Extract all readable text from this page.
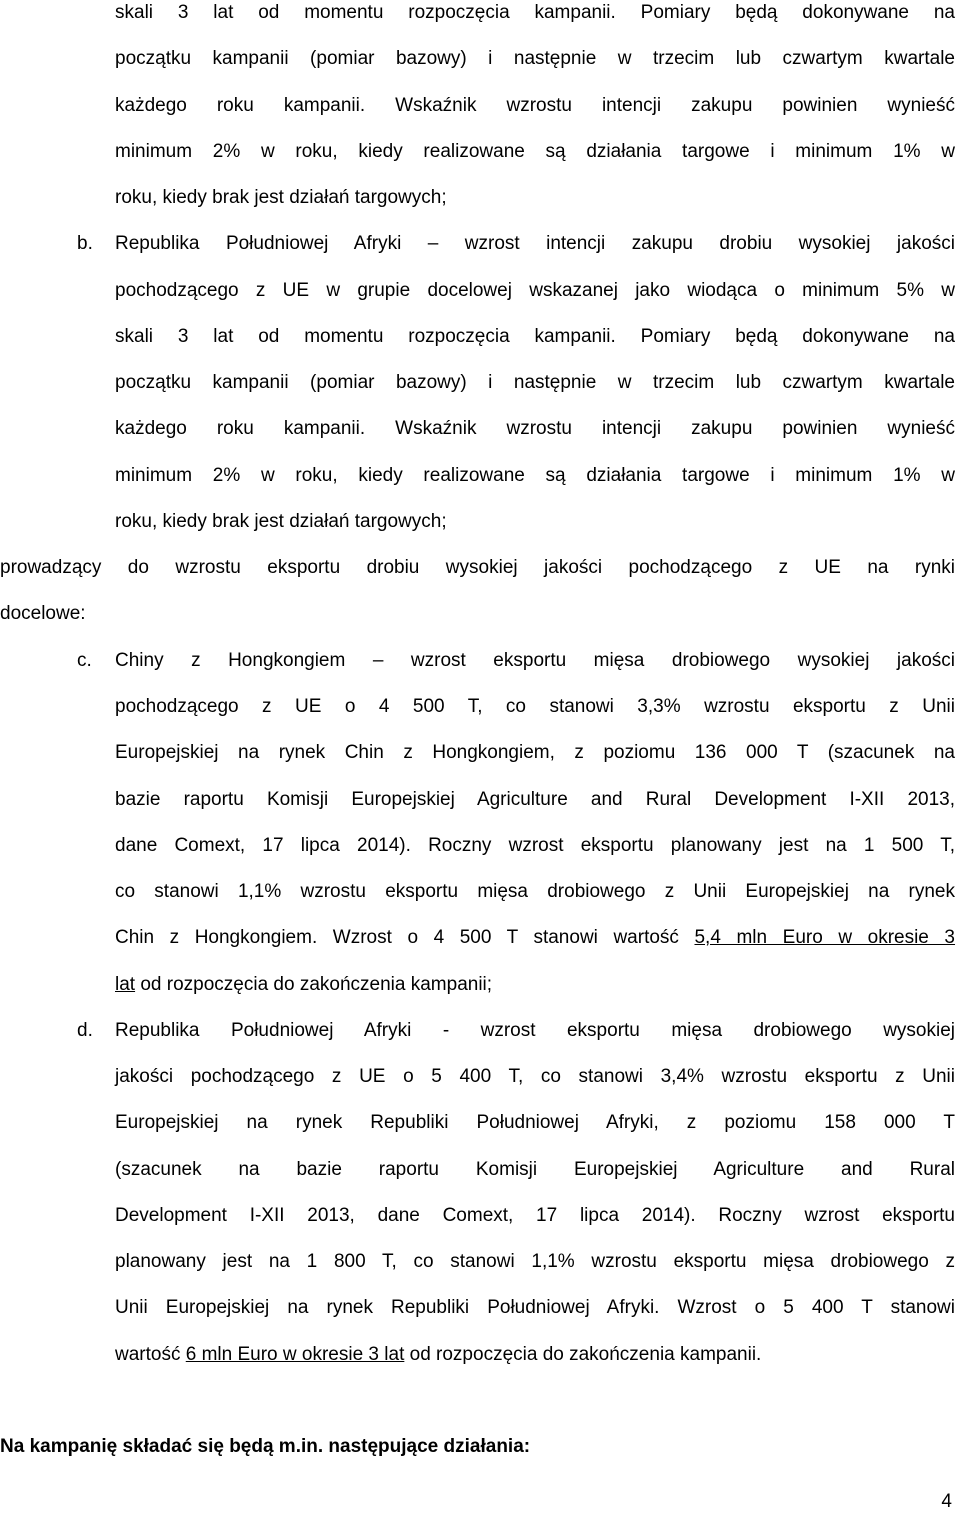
skali 3 lat od momentu rozpoczęcia kampanii. Pomiary będą dokonywane na
początku kampanii (pomiar bazowy) i następnie w trzecim lub czwartym kwartale
każdego roku kampanii. Wskaźnik wzrostu intencji zakupu powinien wynieść
minimum 2% w roku, kiedy realizowane są działania targowe i minimum 1% w
roku, kiedy brak jest działań targowych;
b. Republika Południowej Afryki – wzrost intencji zakupu drobiu wysokiej jakości
pochodzącego z UE w grupie docelowej wskazanej jako wiodąca o minimum 5% w
skali 3 lat od momentu rozpoczęcia kampanii. Pomiary będą dokonywane na
początku kampanii (pomiar bazowy) i następnie w trzecim lub czwartym kwartale
każdego roku kampanii. Wskaźnik wzrostu intencji zakupu powinien wynieść
minimum 2% w roku, kiedy realizowane są działania targowe i minimum 1% w
roku, kiedy brak jest działań targowych;
prowadzący do wzrostu eksportu drobiu wysokiej jakości pochodzącego z UE na rynki
docelowe:
c. Chiny z Hongkongiem – wzrost eksportu mięsa drobiowego wysokiej jakości
pochodzącego z UE o 4 500 T, co stanowi 3,3% wzrostu eksportu z Unii
Europejskiej na rynek Chin z Hongkongiem, z poziomu 136 000 T (szacunek na
bazie raportu Komisji Europejskiej Agriculture and Rural Development I-XII 2013,
dane Comext, 17 lipca 2014). Roczny wzrost eksportu planowany jest na 1 500 T,
co stanowi 1,1% wzrostu eksportu mięsa drobiowego z Unii Europejskiej na rynek
Chin z Hongkongiem. Wzrost o 4 500 T stanowi wartość 5,4 mln Euro w okresie 3
lat od rozpoczęcia do zakończenia kampanii;
d. Republika Południowej Afryki - wzrost eksportu mięsa drobiowego wysokiej
jakości pochodzącego z UE o 5 400 T, co stanowi 3,4% wzrostu eksportu z Unii
Europejskiej na rynek Republiki Południowej Afryki, z poziomu 158 000 T
(szacunek na bazie raportu Komisji Europejskiej Agriculture and Rural
Development I-XII 2013, dane Comext, 17 lipca 2014). Roczny wzrost eksportu
planowany jest na 1 800 T, co stanowi 1,1% wzrostu eksportu mięsa drobiowego z
Unii Europejskiej na rynek Republiki Południowej Afryki. Wzrost o 5 400 T stanowi
wartość 6 mln Euro w okresie 3 lat od rozpoczęcia do zakończenia kampanii.
Na kampanię składać się będą m.in. następujące działania:
4
